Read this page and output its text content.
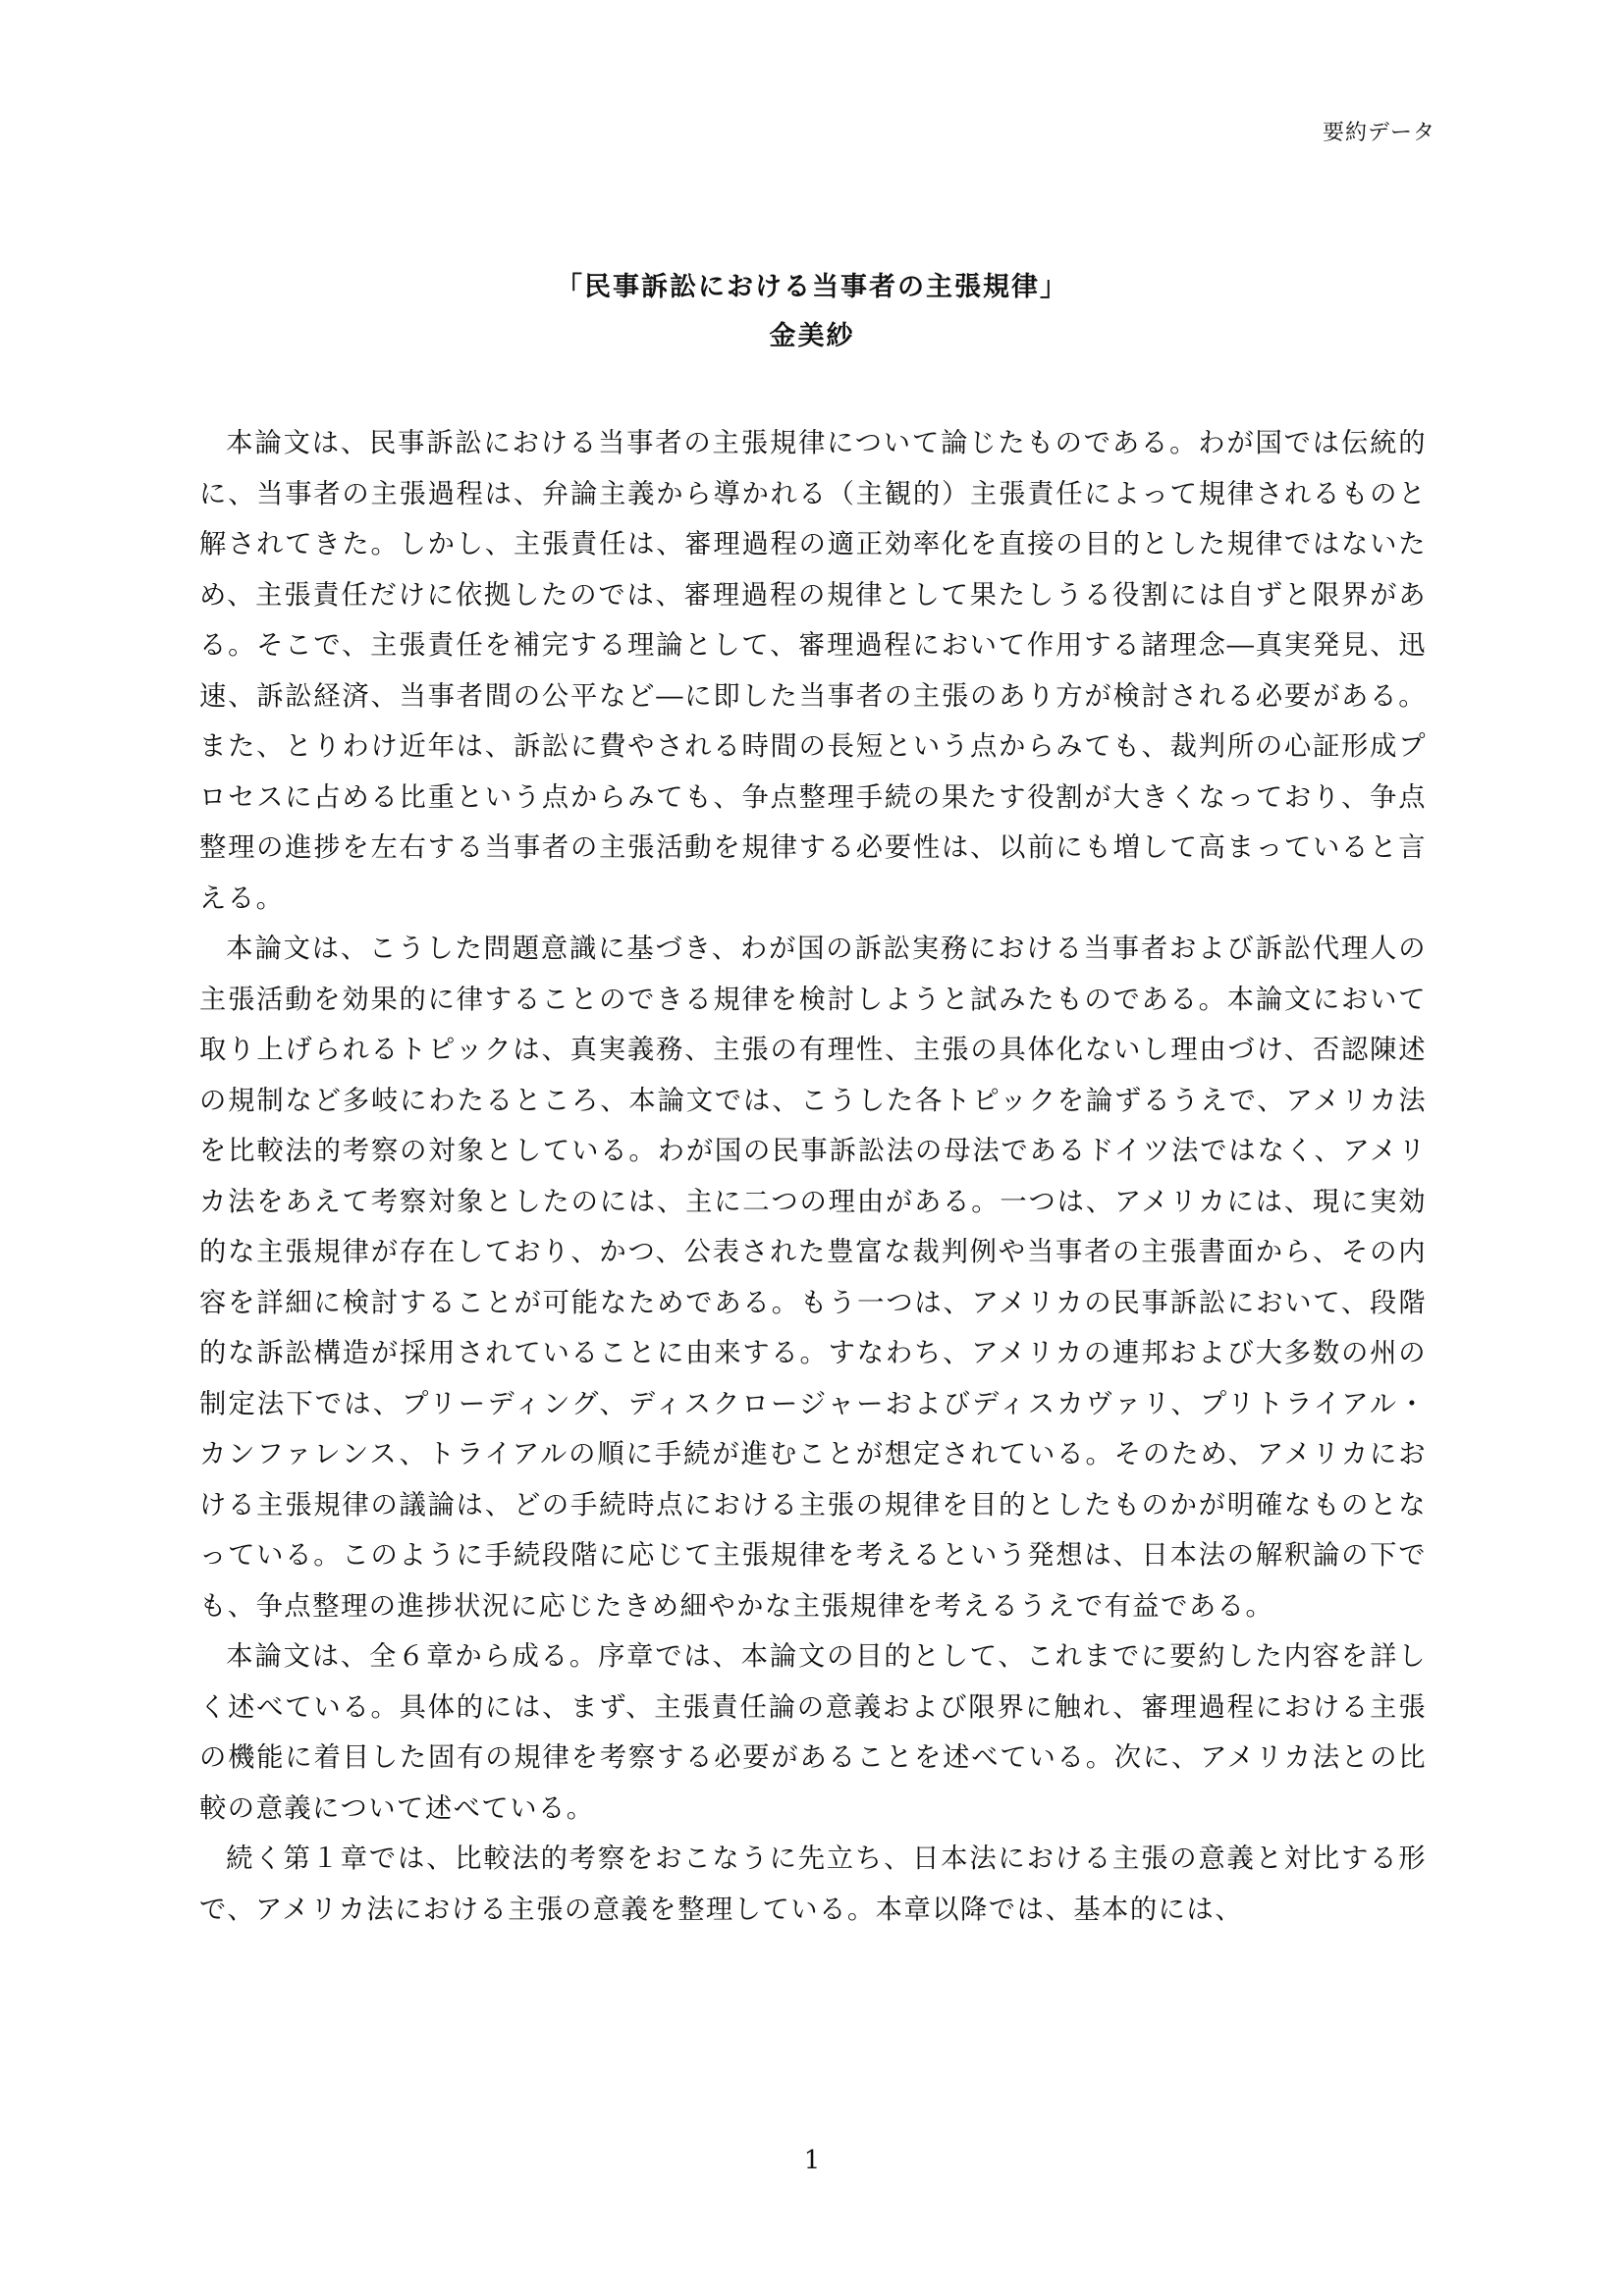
要約データ
「民事訴訟における当事者の主張規律」
金美紗

本論文は、民事訴訟における当事者の主張規律について論じたものである。わが国では伝統的に、当事者の主張過程は、弁論主義から導かれる（主観的）主張責任によって規律されるものと解されてきた。しかし、主張責任は、審理過程の適正効率化を直接の目的とした規律ではないため、主張責任だけに依拠したのでは、審理過程の規律として果たしうる役割には自ずと限界がある。そこで、主張責任を補完する理論として、審理過程において作用する諸理念―真実発見、迅速、訴訟経済、当事者間の公平など―に即した当事者の主張のあり方が検討される必要がある。また、とりわけ近年は、訴訟に費やされる時間の長短という点からみても、裁判所の心証形成プロセスに占める比重という点からみても、争点整理手続の果たす役割が大きくなっており、争点整理の進捗を左右する当事者の主張活動を規律する必要性は、以前にも増して高まっていると言える。

本論文は、こうした問題意識に基づき、わが国の訴訟実務における当事者および訴訟代理人の主張活動を効果的に律することのできる規律を検討しようと試みたものである。本論文において取り上げられるトピックは、真実義務、主張の有理性、主張の具体化ないし理由づけ、否認陳述の規制など多岐にわたるところ、本論文では、こうした各トピックを論ずるうえで、アメリカ法を比較法的考察の対象としている。わが国の民事訴訟法の母法であるドイツ法ではなく、アメリカ法をあえて考察対象としたのには、主に二つの理由がある。一つは、アメリカには、現に実効的な主張規律が存在しており、かつ、公表された豊富な裁判例や当事者の主張書面から、その内容を詳細に検討することが可能なためである。もう一つは、アメリカの民事訴訟において、段階的な訴訟構造が採用されていることに由来する。すなわち、アメリカの連邦および大多数の州の制定法下では、プリーディング、ディスクロージャーおよびディスカヴァリ、プリトライアル・カンファレンス、トライアルの順に手続が進むことが想定されている。そのため、アメリカにおける主張規律の議論は、どの手続時点における主張の規律を目的としたものかが明確なものとなっている。このように手続段階に応じて主張規律を考えるという発想は、日本法の解釈論の下でも、争点整理の進捗状況に応じたきめ細やかな主張規律を考えるうえで有益である。

本論文は、全６章から成る。序章では、本論文の目的として、これまでに要約した内容を詳しく述べている。具体的には、まず、主張責任論の意義および限界に触れ、審理過程における主張の機能に着目した固有の規律を考察する必要があることを述べている。次に、アメリカ法との比較の意義について述べている。

続く第１章では、比較法的考察をおこなうに先立ち、日本法における主張の意義と対比する形で、アメリカ法における主張の意義を整理している。本章以降では、基本的には、

1
